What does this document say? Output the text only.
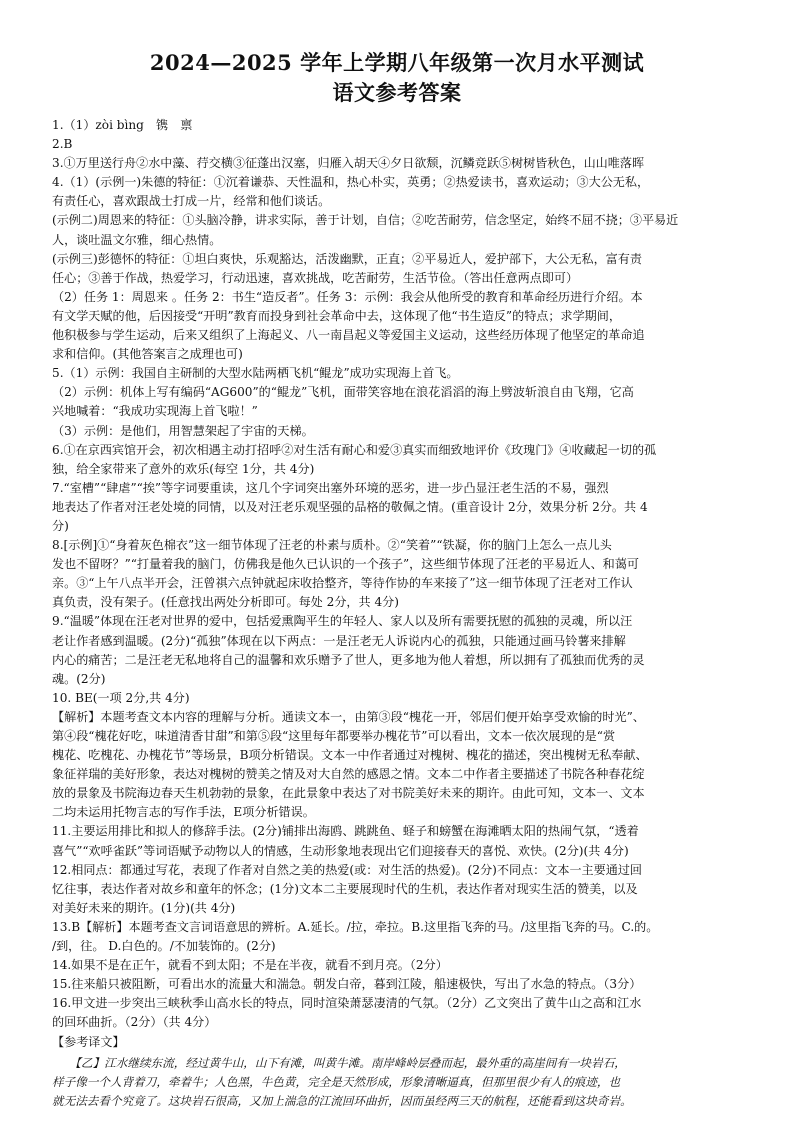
2024—2025 学年上学期八年级第一次月水平测试
语文参考答案
1.（1）zòi bìng　镌　禀
2.B
3.①万里送行舟②水中藻、荇交横③征蓬出汉塞，归雁入胡天④夕日欲颓，沉鳞竞跃⑤树树皆秋色，山山唯落晖
4.（1）(示例一)朱德的特征：①沉着谦恭、天性温和，热心朴实，英勇；②热爱读书，喜欢运动；③大公无私，
有责任心，喜欢跟战士打成一片，经常和他们谈话。
(示例二)周恩来的特征：①头脑冷静，讲求实际，善于计划，自信；②吃苦耐劳，信念坚定，始终不屈不挠；③平易近
人，谈吐温文尔雅，细心热情。
(示例三)彭德怀的特征：①坦白爽快，乐观豁达，活泼幽默，正直；②平易近人，爱护部下，大公无私，富有责
任心；③善于作战，热爱学习，行动迅速，喜欢挑战，吃苦耐劳，生活节俭。（答出任意两点即可）
（2）任务 1：周恩来 。任务 2：书生“造反者”。任务 3：示例：我会从他所受的教育和革命经历进行介绍。本
有文学天赋的他，后因接受“开明”教育而投身到社会革命中去，这体现了他“书生造反”的特点；求学期间，
他积极参与学生运动，后来又组织了上海起义、八一南昌起义等爱国主义运动，这些经历体现了他坚定的革命追
求和信仰。(其他答案言之成理也可)
5.（1）示例：我国自主研制的大型水陆两栖飞机“鲲龙”成功实现海上首飞。
（2）示例：机体上写有编码“AG600”的“鲲龙”飞机，面带笑容地在浪花滔滔的海上劈波斩浪自由飞翔，它高
兴地喊着：“我成功实现海上首飞啦！”
（3）示例：是他们，用智慧架起了宇宙的天梯。
6.①在京西宾馆开会，初次相遇主动打招呼②对生活有耐心和爱③真实而细致地评价《玫瑰门》④收藏起一切的孤
独，给全家带来了意外的欢乐(每空 1分，共 4分)
7.“室槽”“肆虐”“挨”等字词要重读，这几个字词突出塞外环境的恶劣，进一步凸显汪老生活的不易，强烈
地表达了作者对汪老处境的同情，以及对汪老乐观坚强的品格的敬佩之情。(重音设计 2分，效果分析 2分。共 4
分)
8.[示例]①“身着灰色棉衣”这一细节体现了汪老的朴素与质朴。②“笑着”“铁凝，你的脑门上怎么一点儿头
发也不留呀？”“打量着我的脑门，仿佛我是他久已认识的一个孩子”，这些细节体现了汪老的平易近人、和蔼可
亲。③“上午八点半开会，汪曾祺六点钟就起床收拾整齐，等待作协的车来接了”这一细节体现了汪老对工作认
真负责，没有架子。(任意找出两处分析即可。每处 2分，共 4分)
9.“温暖”体现在汪老对世界的爱中，包括爱熏陶平生的年轻人、家人以及所有需要抚慰的孤独的灵魂，所以汪
老让作者感到温暖。(2分)“孤独”体现在以下两点：一是汪老无人诉说内心的孤独，只能通过画马铃薯来排解
内心的痛苦；二是汪老无私地将自己的温馨和欢乐赠予了世人，更多地为他人着想，所以拥有了孤独而优秀的灵
魂。(2分)
10. BE(一项 2分,共 4分)
【解析】本题考查文本内容的理解与分析。通读文本一，由第③段“槐花一开，邻居们便开始享受欢愉的时光”、
第④段“槐花好吃，味道清香甘甜”和第⑤段“这里每年都要举办槐花节”可以看出，文本一依次展现的是“赏
槐花、吃槐花、办槐花节”等场景，B项分析错误。文本一中作者通过对槐树、槐花的描述，突出槐树无私奉献、
象征祥瑞的美好形象，表达对槐树的赞美之情及对大自然的感恩之情。文本二中作者主要描述了书院各种春花绽
放的景象及书院海边春天生机勃勃的景象，在此景象中表达了对书院美好未来的期许。由此可知，文本一、文本
二均未运用托物言志的写作手法，E项分析错误。
11.主要运用排比和拟人的修辞手法。(2分)铺排出海鸥、跳跳鱼、蛏子和螃蟹在海滩晒太阳的热闹气氛，“透着
喜气”“欢呼雀跃”等词语赋予动物以人的情感，生动形象地表现出它们迎接春天的喜悦、欢快。(2分)(共 4分)
12.相同点：都通过写花，表现了作者对自然之美的热爱(或：对生活的热爱)。(2分)不同点：文本一主要通过回
忆往事，表达作者对故乡和童年的怀念；(1分)文本二主要展现时代的生机，表达作者对现实生活的赞美，以及
对美好未来的期许。(1分)(共 4分)
13.B【解析】本题考查文言词语意思的辨析。A.延长。/拉，牵拉。B.这里指飞奔的马。/这里指飞奔的马。C.的。
/到，往。 D.白色的。/不加装饰的。(2分)
14.如果不是在正午，就看不到太阳；不是在半夜，就看不到月亮。（2分）
15.往来船只被阻断，可看出水的流量大和湍急。朝发白帝，暮到江陵，船速极快，写出了水急的特点。（3分）
16.甲文进一步突出三峡秋季山高水长的特点，同时渲染萧瑟凄清的气氛。（2分）乙文突出了黄牛山之高和江水
的回环曲折。（2分）（共 4分）
【参考译文】
　　【乙】江水继续东流，经过黄牛山，山下有滩，叫黄牛滩。南岸峰岭层叠而起，最外重的高崖间有一块岩石，
样子像一个人背着刀，牵着牛；人色黑，牛色黄，完全是天然形成，形象清晰逼真，但那里很少有人的痕迹，也
就无法去看个究竟了。这块岩石很高，又加上湍急的江流回环曲折，因而虽经两三天的航程，还能看到这块奇岩。
